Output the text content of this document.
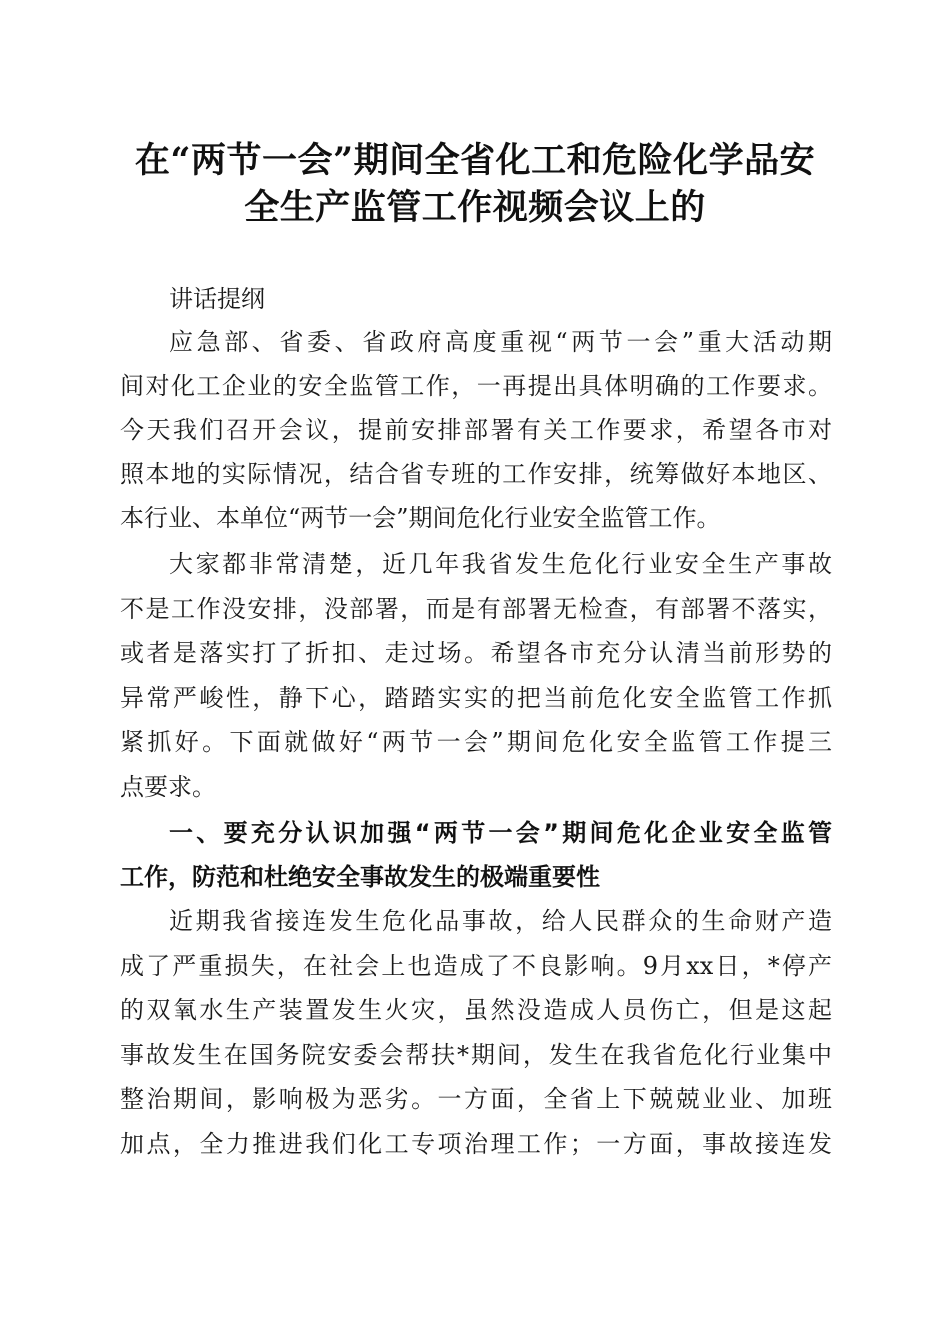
在“两节一会”期间全省化工和危险化学品安
全生产监管工作视频会议上的
讲话提纲
应急部、省委、省政府高度重视“两节一会”重大活动期
间对化工企业的安全监管工作，一再提出具体明确的工作要求。
今天我们召开会议，提前安排部署有关工作要求，希望各市对
照本地的实际情况，结合省专班的工作安排，统筹做好本地区、
本行业、本单位“两节一会”期间危化行业安全监管工作。
大家都非常清楚，近几年我省发生危化行业安全生产事故
不是工作没安排，没部署，而是有部署无检查，有部署不落实，
或者是落实打了折扣、走过场。希望各市充分认清当前形势的
异常严峻性，静下心，踏踏实实的把当前危化安全监管工作抓
紧抓好。下面就做好“两节一会”期间危化安全监管工作提三
点要求。
一、要充分认识加强“两节一会”期间危化企业安全监管
工作，防范和杜绝安全事故发生的极端重要性
近期我省接连发生危化品事故，给人民群众的生命财产造
成了严重损失，在社会上也造成了不良影响。9月xx日，*停产
的双氧水生产装置发生火灾，虽然没造成人员伤亡，但是这起
事故发生在国务院安委会帮扶*期间，发生在我省危化行业集中
整治期间，影响极为恶劣。一方面，全省上下兢兢业业、加班
加点，全力推进我们化工专项治理工作；一方面，事故接连发
